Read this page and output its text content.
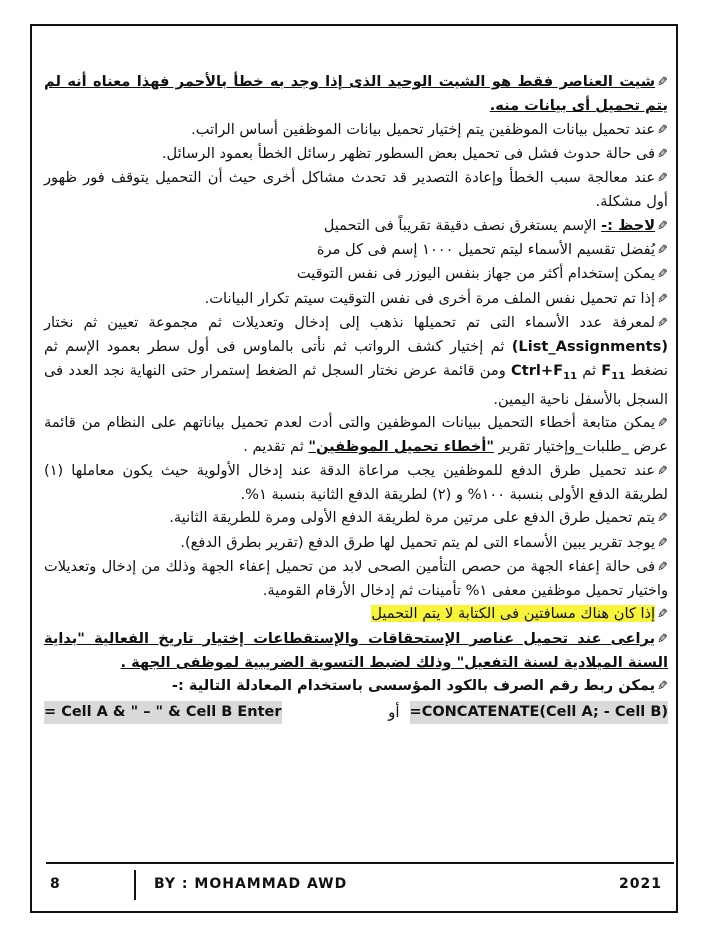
✎شيت العناصر فقط هو الشيت الوحيد الذى إذا وجد به خطأ بالأحمر فهذا معناه أنه لم يتم تحميل أى بيانات منه.

✎عند تحميل بيانات الموظفين يتم إختيار تحميل بيانات الموظفين أساس الراتب.

✎فى حالة حدوث فشل فى تحميل بعض السطور تظهر رسائل الخطأ بعمود الرسائل.

✎عند معالجة سبب الخطأ وإعادة التصدير قد تحدث مشاكل أخرى حيث أن التحميل يتوقف فور ظهور أول مشكلة.

✎لاحظ :- الإسم يستغرق نصف دقيقة تقريباً فى التحميل

✎يُفضل تقسيم الأسماء ليتم تحميل ١٠٠٠ إسم فى كل مرة

✎يمكن إستخدام أكثر من جهاز بنفس اليوزر فى نفس التوقيت

✎إذا تم تحميل نفس الملف مرة أخرى فى نفس التوقيت سيتم تكرار البيانات.

✎لمعرفة عدد الأسماء التى تم تحميلها نذهب إلى إدخال وتعديلات ثم مجموعة تعيين ثم نختار (List_Assignments) ثم إختيار كشف الرواتب ثم نأتى بالماوس فى أول سطر بعمود الإسم ثم نضغط $F_{11}$ ثم $Ctrl+F_{11}$ ومن قائمة عرض نختار السجل ثم الضغط إستمرار حتى النهاية نجد العدد فى السجل بالأسفل ناحية اليمين.

✎يمكن متابعة أخطاء التحميل ببيانات الموظفين والتى أدت لعدم تحميل بياناتهم على النظام من قائمة عرض _طلبات_وإختيار تقرير "أخطاء تحميل الموظفين" ثم تقديم .

✎عند تحميل طرق الدفع للموظفين يجب مراعاة الدقة عند إدخال الأولوية حيث يكون معاملها (١) لطريقة الدفع الأولى بنسبة ١٠٠% و (٢) لطريقة الدفع الثانية بنسبة ١%.

✎يتم تحميل طرق الدفع على مرتين مرة لطريقة الدفع الأولى ومرة للطريقة الثانية.

✎يوجد تقرير يبين الأسماء التى لم يتم تحميل لها طرق الدفع (تقرير بطرق الدفع).

✎فى حالة إعفاء الجهة من حصص التأمين الصحى لابد من تحميل إعفاء الجهة وذلك من إدخال وتعديلات واختيار تحميل موظفين معفى ١% تأمينات ثم إدخال الأرقام القومية.

✎إذا كان هناك مسافتين فى الكتابة لا يتم التحميل

✎يراعى عند تحميل عناصر الإستحقاقات والإستقطاعات إختيار تاريخ الفعالية "بداية السنة الميلادية لسنة التفعيل" وذلك لضبط التسوية الضريبية لموظفى الجهة .

✎يمكن ربط رقم الصرف بالكود المؤسسى باستخدام المعادلة التالية :-

= Cell A & " – " & Cell B Enter	أو =CONCATENATE(Cell A; - Cell B)
8	BY : MOHAMMAD AWD	2021
